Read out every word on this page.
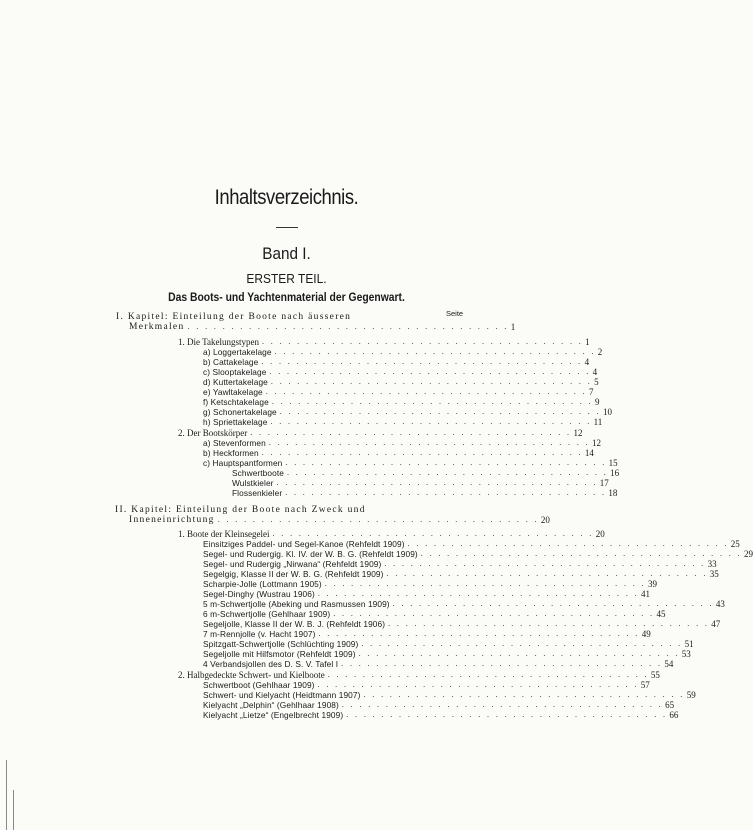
Inhaltsverzeichnis.
Band I.
ERSTER TEIL.
Das Boots- und Yachtenmaterial der Gegenwart.
Seite
I. Kapitel: Einteilung der Boote nach äusseren
Merkmalen . . . . . . . . . . . . . . . . . . . . . . . . . . . . . . . . . . . . . 1
1. Die Takelungstypen . . . . . . . . . . . . . . . . . . . . . . . . . . . . . . . . . . . . . 1
a) Loggertakelage . . . . . . . . . . . . . . . . . . . . . . . . . . . . . . . . . . . . . 2
b) Cattakelage . . . . . . . . . . . . . . . . . . . . . . . . . . . . . . . . . . . . . 4
c) Slooptakelage . . . . . . . . . . . . . . . . . . . . . . . . . . . . . . . . . . . . . 4
d) Kuttertakelage . . . . . . . . . . . . . . . . . . . . . . . . . . . . . . . . . . . . . 5
e) Yawltakelage . . . . . . . . . . . . . . . . . . . . . . . . . . . . . . . . . . . . . 7
f) Ketschtakelage . . . . . . . . . . . . . . . . . . . . . . . . . . . . . . . . . . . . . 9
g) Schonertakelage . . . . . . . . . . . . . . . . . . . . . . . . . . . . . . . . . . . . . 10
h) Spriettakelage . . . . . . . . . . . . . . . . . . . . . . . . . . . . . . . . . . . . . 11
2. Der Bootskörper . . . . . . . . . . . . . . . . . . . . . . . . . . . . . . . . . . . . . 12
a) Stevenformen . . . . . . . . . . . . . . . . . . . . . . . . . . . . . . . . . . . . . 12
b) Heckformen . . . . . . . . . . . . . . . . . . . . . . . . . . . . . . . . . . . . . 14
c) Hauptspantformen . . . . . . . . . . . . . . . . . . . . . . . . . . . . . . . . . . . . . 15
Schwertboote . . . . . . . . . . . . . . . . . . . . . . . . . . . . . . . . . . . . . 16
Wulstkieler . . . . . . . . . . . . . . . . . . . . . . . . . . . . . . . . . . . . . 17
Flossenkieler . . . . . . . . . . . . . . . . . . . . . . . . . . . . . . . . . . . . . 18
II. Kapitel: Einteilung der Boote nach Zweck und
Inneneinrichtung . . . . . . . . . . . . . . . . . . . . . . . . . . . . . . . . . . . . . 20
1. Boote der Kleinsegelei . . . . . . . . . . . . . . . . . . . . . . . . . . . . . . . . . . . . . 20
Einsitziges Paddel- und Segel-Kanoe (Rehfeldt 1909) . . . . . . . . . . . . . . . . . . . . . . . . . . . . . . . . . . . . . 25
Segel- und Rudergig. Kl. IV. der W. B. G. (Rehfeldt 1909) . . . . . . . . . . . . . . . . . . . . . . . . . . . . . . . . . . . . . 29
Segel- und Rudergig „Nirwana“ (Rehfeldt 1909) . . . . . . . . . . . . . . . . . . . . . . . . . . . . . . . . . . . . . 33
Segelgig, Klasse II der W. B. G. (Rehfeldt 1909) . . . . . . . . . . . . . . . . . . . . . . . . . . . . . . . . . . . . . 35
Scharpie-Jolle (Lottmann 1905) . . . . . . . . . . . . . . . . . . . . . . . . . . . . . . . . . . . . . 39
Segel-Dinghy (Wustrau 1906) . . . . . . . . . . . . . . . . . . . . . . . . . . . . . . . . . . . . . 41
5 m-Schwertjolle (Abeking und Rasmussen 1909) . . . . . . . . . . . . . . . . . . . . . . . . . . . . . . . . . . . . . 43
6 m-Schwertjolle (Gehlhaar 1909) . . . . . . . . . . . . . . . . . . . . . . . . . . . . . . . . . . . . . 45
Segeljolle, Klasse II der W. B. J. (Rehfeldt 1906) . . . . . . . . . . . . . . . . . . . . . . . . . . . . . . . . . . . . . 47
7 m-Rennjolle (v. Hacht 1907) . . . . . . . . . . . . . . . . . . . . . . . . . . . . . . . . . . . . . 49
Spitzgatt-Schwertjolle (Schlüchting 1909) . . . . . . . . . . . . . . . . . . . . . . . . . . . . . . . . . . . . . 51
Segeljolle mit Hilfsmotor (Rehfeldt 1909) . . . . . . . . . . . . . . . . . . . . . . . . . . . . . . . . . . . . . 53
4 Verbandsjollen des D. S. V. Tafel I . . . . . . . . . . . . . . . . . . . . . . . . . . . . . . . . . . . . . 54
2. Halbgedeckte Schwert- und Kielboote . . . . . . . . . . . . . . . . . . . . . . . . . . . . . . . . . . . . . 55
Schwertboot (Gehlhaar 1909) . . . . . . . . . . . . . . . . . . . . . . . . . . . . . . . . . . . . . 57
Schwert- und Kielyacht (Heidtmann 1907) . . . . . . . . . . . . . . . . . . . . . . . . . . . . . . . . . . . . . 59
Kielyacht „Delphin“ (Gehlhaar 1908) . . . . . . . . . . . . . . . . . . . . . . . . . . . . . . . . . . . . . 65
Kielyacht „Lietze“ (Engelbrecht 1909) . . . . . . . . . . . . . . . . . . . . . . . . . . . . . . . . . . . . . 66
